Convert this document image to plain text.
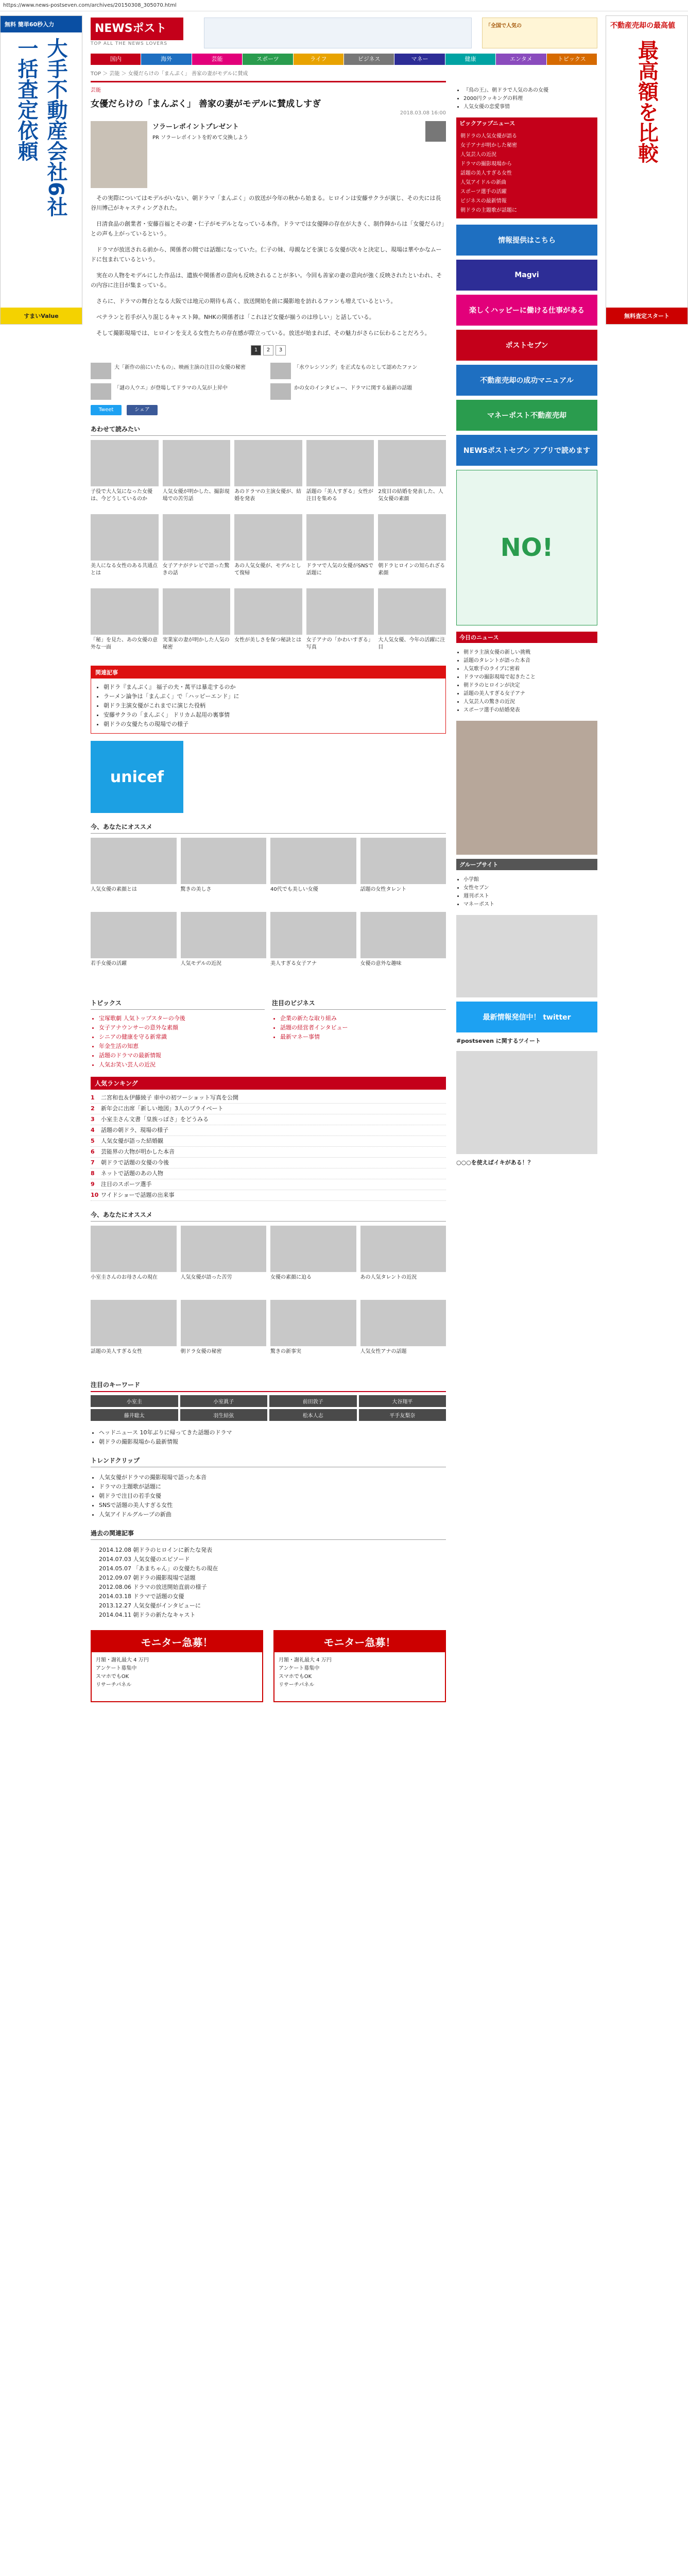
https://www.news-postseven.com/archives/20150308_305070.html
無料 簡単60秒入力
大手不動産会社6社一括査定依頼
すまいValue
不動産売却の最高値
最高額を比較
無料査定スタート
NEWSポスト
TOP ALL THE NEWS LOVERS
「全国で人気の
国内	海外	芸能	スポーツ	ライフ	ビジネス	マネー	健康	エンタメ	トピックス
TOP ＞ 芸能 ＞ 女優だらけの「まんぷく」 善家の妻がモデルに賛成
芸能
女優だらけの「まんぷく」 善家の妻がモデルに賛成しすぎ
2018.03.08 16:00
ソラーレポイントプレゼント
PR ソラーレポイントを貯めて交換しよう

その実際についてはモデルがいない、朝ドラマ「まんぷく」の放送が今年の秋から始まる。ヒロインは安藤サクラが演じ、その夫には長谷川博己がキャスティングされた。

日清食品の創業者・安藤百福とその妻・仁子がモデルとなっている本作。ドラマでは女優陣の存在が大きく、制作陣からは「女優だらけ」との声も上がっているという。

ドラマが放送される前から、関係者の間では話題になっていた。仁子の妹、母親などを演じる女優が次々と決定し、現場は華やかなムードに包まれているという。

実在の人物をモデルにした作品は、遺族や関係者の意向も反映されることが多い。今回も善家の妻の意向が強く反映されたといわれ、その内容に注目が集まっている。

さらに、ドラマの舞台となる大阪では地元の期待も高く、放送開始を前に撮影地を訪れるファンも増えているという。

ベテランと若手が入り混じるキャスト陣。NHKの関係者は「これほど女優が揃うのは珍しい」と話している。

そして撮影現場では、ヒロインを支える女性たちの存在感が際立っている。放送が始まれば、その魅力がさらに伝わることだろう。

1 2 3
大「新作の前にいたもの」、映画主演の注目の女優の秘密	「水ウレシソング」を正式なものとして認めたファン
「謎の人ウエ」が登場してドラマの人気が上昇中	かの女のインタビュー、ドラマに関する最新の話題
Tweet	シェア
あわせて読みたい
子役で大人気になった女優は、今どうしているのか
人気女優が明かした、撮影現場での苦労話
あのドラマの主演女優が、結婚を発表
話題の「美人すぎる」女性が注目を集める
2度目の結婚を発表した、人気女優の素顔
美人になる女性のある共通点とは
女子アナがテレビで語った驚きの話
あの人気女優が、モデルとして復帰
ドラマで人気の女優がSNSで話題に
朝ドラヒロインの知られざる素顔
「秘」を見た、あの女優の意外な一面
実業家の妻が明かした人気の秘密
女性が美しさを保つ秘訣とは 女子アナの「かわいすぎる」写真
大人気女優、今年の活躍に注目
関連記事
• 朝ドラ『まんぷく』 福子の夫・萬平は暴走するのか
• ラーメン論争は「まんぷく」で「ハッピーエンド」に
• 朝ドラ主演女優がこれまでに演じた役柄
• 安藤サクラの「まんぷく」 ドリカム起用の裏事情
• 朝ドラの女優たちの現場での様子
unicef
今、あなたにオススメ
人気女優の素顔とは	驚きの美しさ	40代でも美しい女優	話題の女性タレント
若手女優の活躍	人気モデルの近況	美人すぎる女子アナ	女優の意外な趣味
トピックス
• 宝塚歌劇 人気トップスターの今後
• 女子アナウンサーの意外な素顔
• シニアの健康を守る新常識
• 年金生活の知恵
• 話題のドラマの最新情報
• 人気お笑い芸人の近況
注目のビジネス
• 企業の新たな取り組み
• 話題の経営者インタビュー
• 最新マネー事情
人気ランキング
1 二宮和也＆伊藤綾子 車中の初ツーショット写真を公開
2 新年会に出席「新しい地図」3人のプライベート
3 小室圭さん文書「皇族っぽさ」をどうみる
4 話題の朝ドラ、現場の様子
5 人気女優が語った結婚観
6 芸能界の大物が明かした本音
7 朝ドラで話題の女優の今後
8 ネットで話題のあの人物
9 注目のスポーツ選手
10 ワイドショーで話題の出来事
今、あなたにオススメ
小室圭さんのお母さんの現在	人気女優が語った苦労	女優の素顔に迫る	あの人気タレントの近況
話題の美人すぎる女性	朝ドラ女優の秘密	驚きの新事実	人気女性アナの話題
注目のキーワード
小室圭	小室眞子	前田敦子	大谷翔平
藤井聡太	羽生結弦	松本人志	平手友梨奈
• ヘッドニュース 10年ぶりに帰ってきた話題のドラマ
• 朝ドラの撮影現場から最新情報
トレンドクリップ
• 人気女優がドラマの撮影現場で語った本音
• ドラマの主題歌が話題に
• 朝ドラで注目の若手女優
• SNSで話題の美人すぎる女性
• 人気アイドルグループの新曲
過去の関連記事
2014.12.08 朝ドラのヒロインに新たな発表
2014.07.03 人気女優のエピソード
2014.05.07 「あまちゃん」の女優たちの現在
2012.09.07 朝ドラの撮影現場で話題
2012.08.06 ドラマの放送開始直前の様子
2014.03.18 ドラマで話題の女優
2013.12.27 人気女優がインタビューに
2014.04.11 朝ドラの新たなキャスト
モニター急募！
月額・謝礼最大 4 万円
アンケート募集中
スマホでもOK
リサーチパネル
モニター急募！
月額・謝礼最大 4 万円
アンケート募集中
スマホでもOK
リサーチパネル
• 『鳥の王』、朝ドラで人気のあの女優
• 2000円クッキングの料理
• 人気女優の恋愛事情
ピックアップニュース
朝ドラの人気女優が語る
女子アナが明かした秘密
人気芸人の近況
ドラマの撮影現場から
話題の美人すぎる女性
人気アイドルの新曲
スポーツ選手の活躍
ビジネスの最新情報
朝ドラの主題歌が話題に
情報提供はこちら
Magvi
楽しくハッピーに働ける仕事がある
ポストセブン
不動産売却の成功マニュアル
マネーポスト不動産売却
NEWSポストセブン アプリで読めます
NO!
今日のニュース
• 朝ドラ主演女優の新しい挑戦
• 話題のタレントが語った本音
• 人気歌手のライブに密着
• ドラマの撮影現場で起きたこと
• 朝ドラのヒロインが決定
• 話題の美人すぎる女子アナ
• 人気芸人の驚きの近況
• スポーツ選手の結婚発表
グループサイト
• 小学館
• 女性セブン
• 週刊ポスト
• マネーポスト
最新情報発信中！ twitter
#postseven に関するツイート
○○○を使えばイキがある！？
